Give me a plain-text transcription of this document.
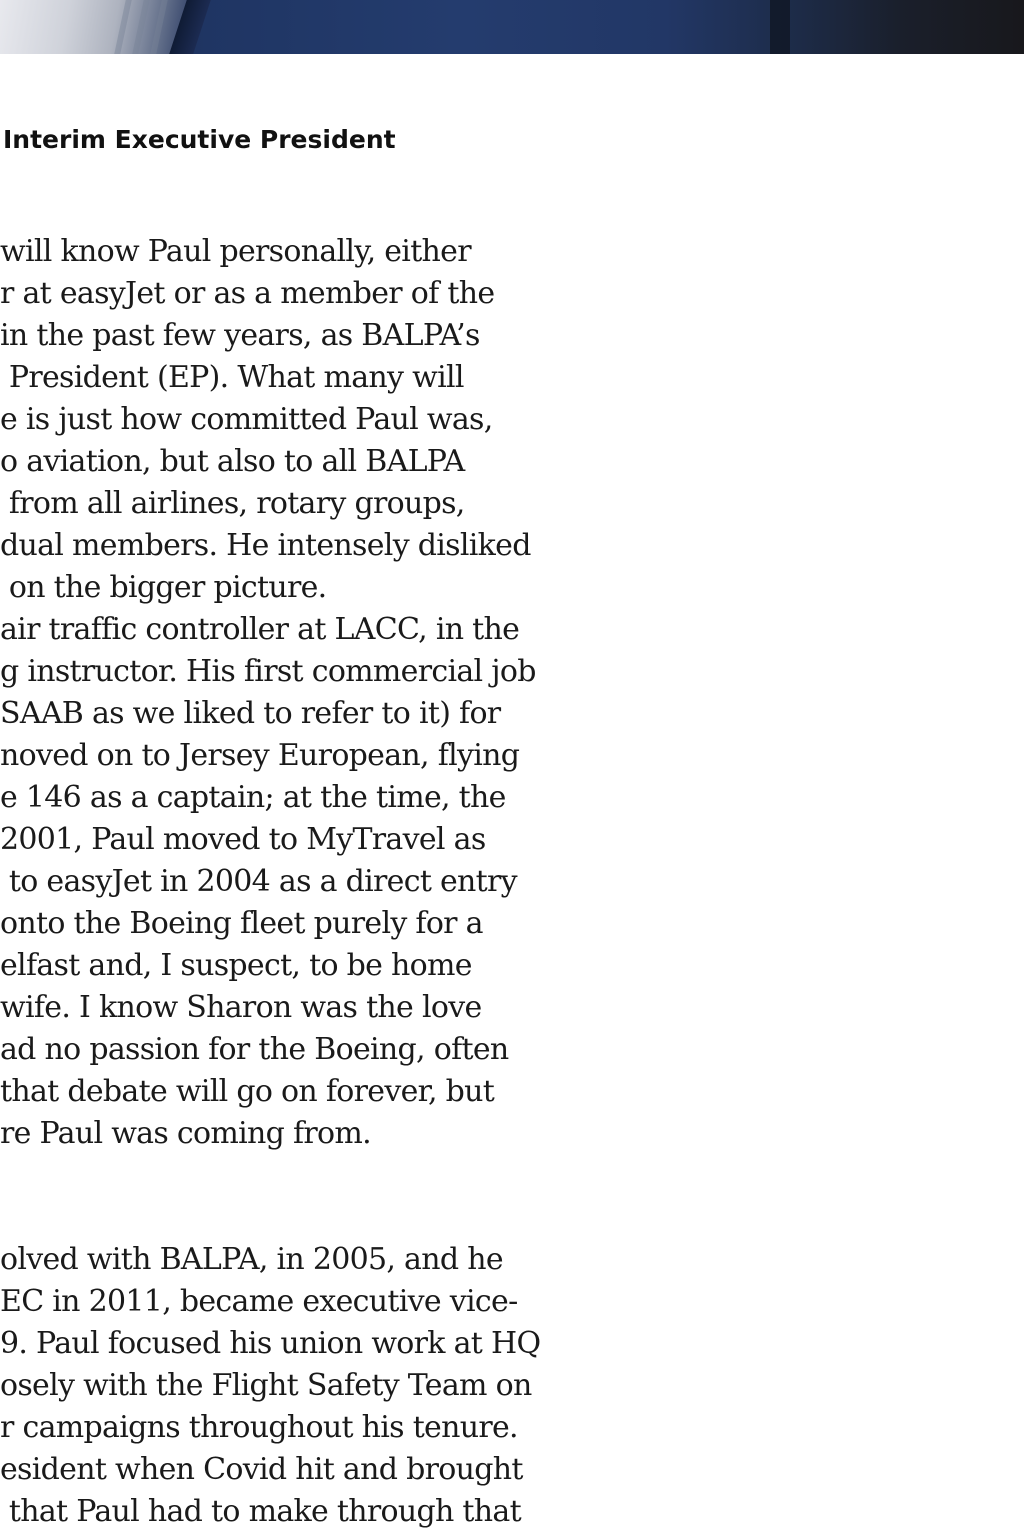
Interim Executive President
will know Paul personally, either
r at easyJet or as a member of the
in the past few years, as BALPA’s
President (EP). What many will
e is just how committed Paul was,
o aviation, but also to all BALPA
from all airlines, rotary groups,
dual members. He intensely disliked
on the bigger picture.
air traffic controller at LACC, in the
g instructor. His first commercial job
SAAB as we liked to refer to it) for
noved on to Jersey European, flying
e 146 as a captain; at the time, the
2001, Paul moved to MyTravel as
to easyJet in 2004 as a direct entry
onto the Boeing fleet purely for a
elfast and, I suspect, to be home
wife. I know Sharon was the love
ad no passion for the Boeing, often
that debate will go on forever, but
re Paul was coming from.
olved with BALPA, in 2005, and he
EC in 2011, became executive vice-
9. Paul focused his union work at HQ
osely with the Flight Safety Team on
r campaigns throughout his tenure.
esident when Covid hit and brought
that Paul had to make through that
